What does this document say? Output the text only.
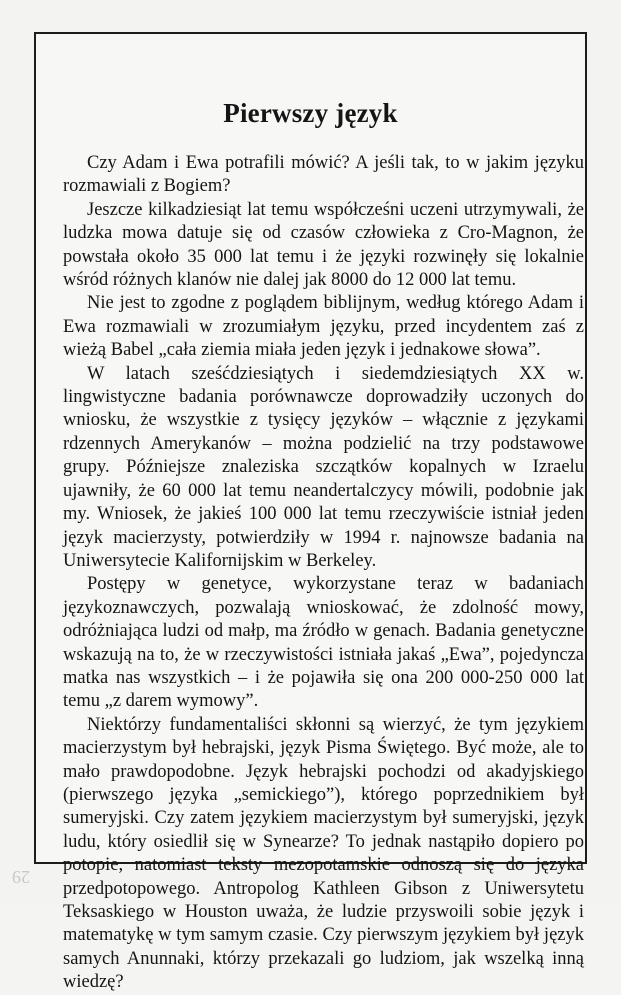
Pierwszy język

Czy Adam i Ewa potrafili mówić? A jeśli tak, to w jakim języku rozmawiali z Bogiem?

Jeszcze kilkadziesiąt lat temu współcześni uczeni utrzymywali, że ludzka mowa datuje się od czasów człowieka z Cro-Magnon, że powstała około 35 000 lat temu i że języki rozwinęły się lokalnie wśród różnych klanów nie dalej jak 8000 do 12 000 lat temu.

Nie jest to zgodne z poglądem biblijnym, według którego Adam i Ewa rozmawiali w zrozumiałym języku, przed incydentem zaś z wieżą Babel „cała ziemia miała jeden język i jednakowe słowa”.

W latach sześćdziesiątych i siedemdziesiątych XX w. lingwistyczne badania porównawcze doprowadziły uczonych do wniosku, że wszystkie z tysięcy języków – włącznie z językami rdzennych Amerykanów – można podzielić na trzy podstawowe grupy. Późniejsze znaleziska szczątków kopalnych w Izraelu ujawniły, że 60 000 lat temu neandertalczycy mówili, podobnie jak my. Wniosek, że jakieś 100 000 lat temu rzeczywiście istniał jeden język macierzysty, potwierdziły w 1994 r. najnowsze badania na Uniwersytecie Kalifornijskim w Berkeley.

Postępy w genetyce, wykorzystane teraz w badaniach językoznawczych, pozwalają wnioskować, że zdolność mowy, odróżniająca ludzi od małp, ma źródło w genach. Badania genetyczne wskazują na to, że w rzeczywistości istniała jakaś „Ewa”, pojedyncza matka nas wszystkich – i że pojawiła się ona 200 000-250 000 lat temu „z darem wymowy”.

Niektórzy fundamentaliści skłonni są wierzyć, że tym językiem macierzystym był hebrajski, język Pisma Świętego. Być może, ale to mało prawdopodobne. Język hebrajski pochodzi od akadyjskiego (pierwszego języka „semickiego”), którego poprzednikiem był sumeryjski. Czy zatem językiem macierzystym był sumeryjski, język ludu, który osiedlił się w Synearze? To jednak nastąpiło dopiero po potopie, natomiast teksty mezopotamskie odnoszą się do języka przedpotopowego. Antropolog Kathleen Gibson z Uniwersytetu Teksaskiego w Houston uważa, że ludzie przyswoili sobie język i matematykę w tym samym czasie. Czy pierwszym językiem był język samych Anunnaki, którzy przekazali go ludziom, jak wszelką inną wiedzę?

29
